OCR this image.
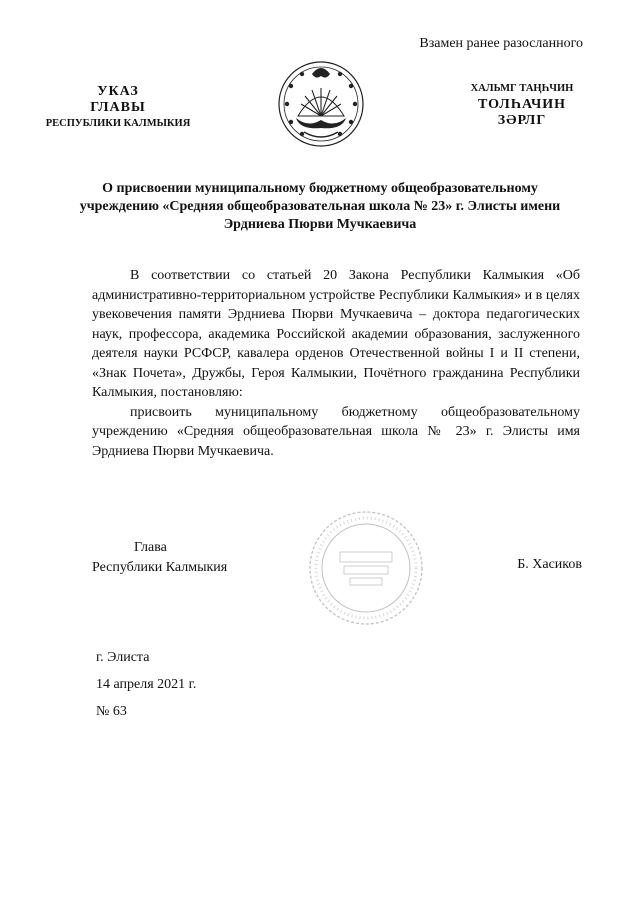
Взамен ранее разосланного
УКАЗ
ГЛАВЫ
РЕСПУБЛИКИ КАЛМЫКИЯ
ХАЛЬМГ ТАҢҺЧИН
ТОЛҺАЧИН
ЗӘРЛГ
О присвоении муниципальному бюджетному общеобразовательному учреждению «Средняя общеобразовательная школа № 23» г. Элисты имени Эрдниева Пюрви Мучкаевича

В соответствии со статьей 20 Закона Республики Калмыкия «Об административно-территориальном устройстве Республики Калмыкия» и в целях увековечения памяти Эрдниева Пюрви Мучкаевича – доктора педагогических наук, профессора, академика Российской академии образования, заслуженного деятеля науки РСФСР, кавалера орденов Отечественной войны I и II степени, «Знак Почета», Дружбы, Героя Калмыкии, Почётного гражданина Республики Калмыкия, постановляю:

присвоить муниципальному бюджетному общеобразовательному учреждению «Средняя общеобразовательная школа № 23» г. Элисты имя Эрдниева Пюрви Мучкаевича.

Глава
Республики Калмыкия	Б. Хасиков
г. Элиста
14 апреля 2021 г.
№ 63
